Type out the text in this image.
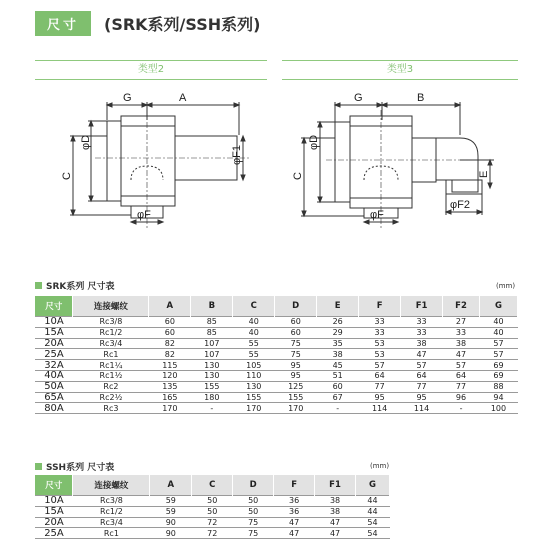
尺寸	(SRK系列/SSH系列)
类型2	类型3
G	A
φD
C
φF1
φF
G	B
φD
C	E
φF
φF2
SRK系列 尺寸表	(mm)
尺寸	连接螺纹	A	B	C	D	E	F	F1	F2	G
10A	Rc3/8	60	85	40	60	26	33	33	27	40
15A	Rc1/2	60	85	40	60	29	33	33	33	40
20A	Rc3/4	82	107	55	75	35	53	38	38	57
25A	Rc1	82	107	55	75	38	53	47	47	57
32A	Rc1¼	115	130	105	95	45	57	57	57	69
40A	Rc1½	120	130	110	95	51	64	64	64	69
50A	Rc2	135	155	130	125	60	77	77	77	88
65A	Rc2½	165	180	155	155	67	95	95	96	94
80A	Rc3	170	-	170	170	-	114	114	-	100
SSH系列 尺寸表	(mm)
尺寸	连接螺纹	A	C	D	F	F1	G
10A	Rc3/8	59	50	50	36	38	44
15A	Rc1/2	59	50	50	36	38	44
20A	Rc3/4	90	72	75	47	47	54
25A	Rc1	90	72	75	47	47	54
